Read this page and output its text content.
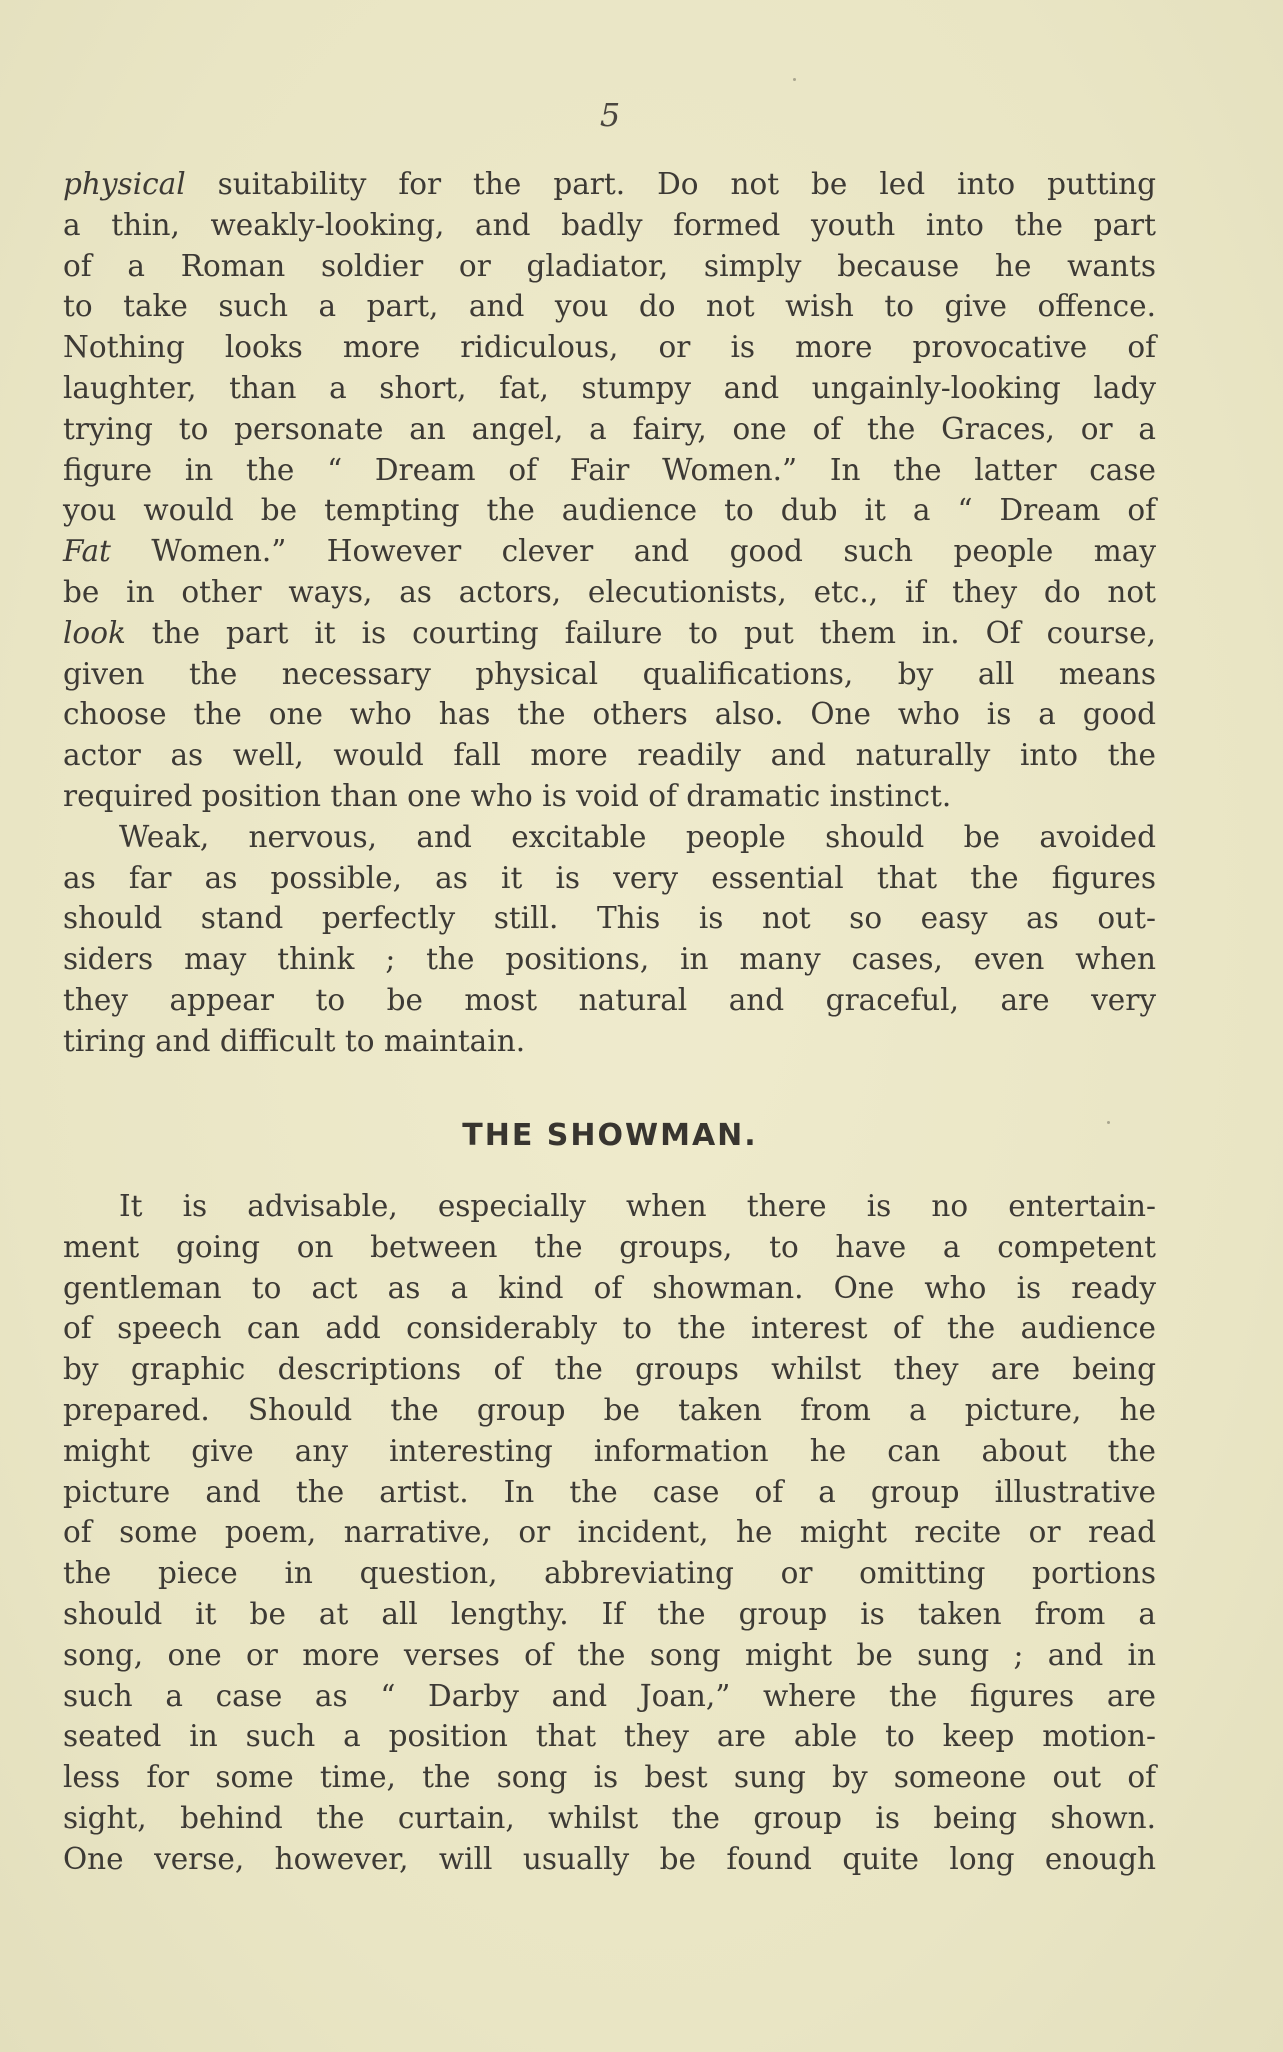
5
physical suitability for the part. Do not be led into putting
a thin, weakly-looking, and badly formed youth into the part
of a Roman soldier or gladiator, simply because he wants
to take such a part, and you do not wish to give offence.
Nothing looks more ridiculous, or is more provocative of
laughter, than a short, fat, stumpy and ungainly-looking lady
trying to personate an angel, a fairy, one of the Graces, or a
figure in the “ Dream of Fair Women.” In the latter case
you would be tempting the audience to dub it a “ Dream of
Fat Women.” However clever and good such people may
be in other ways, as actors, elecutionists, etc., if they do not
look the part it is courting failure to put them in. Of course,
given the necessary physical qualifications, by all means
choose the one who has the others also. One who is a good
actor as well, would fall more readily and naturally into the
required position than one who is void of dramatic instinct.
Weak, nervous, and excitable people should be avoided
as far as possible, as it is very essential that the figures
should stand perfectly still. This is not so easy as out-
siders may think ; the positions, in many cases, even when
they appear to be most natural and graceful, are very
tiring and difficult to maintain.
THE SHOWMAN.
It is advisable, especially when there is no entertain-
ment going on between the groups, to have a competent
gentleman to act as a kind of showman. One who is ready
of speech can add considerably to the interest of the audience
by graphic descriptions of the groups whilst they are being
prepared. Should the group be taken from a picture, he
might give any interesting information he can about the
picture and the artist. In the case of a group illustrative
of some poem, narrative, or incident, he might recite or read
the piece in question, abbreviating or omitting portions
should it be at all lengthy. If the group is taken from a
song, one or more verses of the song might be sung ; and in
such a case as “ Darby and Joan,” where the figures are
seated in such a position that they are able to keep motion-
less for some time, the song is best sung by someone out of
sight, behind the curtain, whilst the group is being shown.
One verse, however, will usually be found quite long enough
